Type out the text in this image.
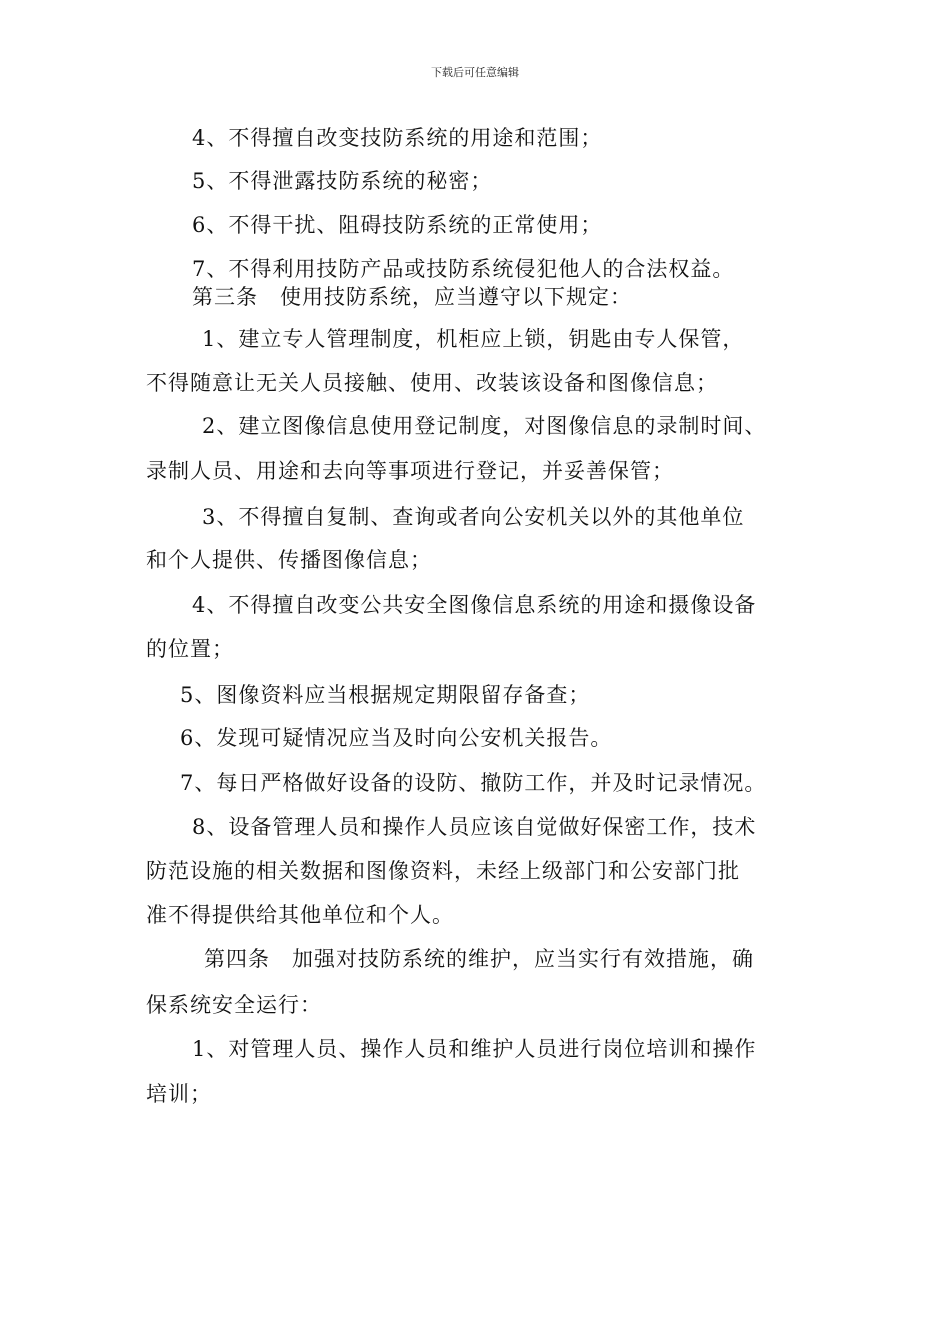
下载后可任意编辑
4、不得擅自改变技防系统的用途和范围；
5、不得泄露技防系统的秘密；
6、不得干扰、阻碍技防系统的正常使用；
7、不得利用技防产品或技防系统侵犯他人的合法权益。
第三条　使用技防系统，应当遵守以下规定：
1、建立专人管理制度，机柜应上锁，钥匙由专人保管，
不得随意让无关人员接触、使用、改装该设备和图像信息；
2、建立图像信息使用登记制度，对图像信息的录制时间、
录制人员、用途和去向等事项进行登记，并妥善保管；
3、不得擅自复制、查询或者向公安机关以外的其他单位
和个人提供、传播图像信息；
4、不得擅自改变公共安全图像信息系统的用途和摄像设备
的位置；
5、图像资料应当根据规定期限留存备查；
6、发现可疑情况应当及时向公安机关报告。
7、每日严格做好设备的设防、撤防工作，并及时记录情况。
8、设备管理人员和操作人员应该自觉做好保密工作，技术
防范设施的相关数据和图像资料，未经上级部门和公安部门批
准不得提供给其他单位和个人。
第四条　加强对技防系统的维护，应当实行有效措施，确
保系统安全运行：
1、对管理人员、操作人员和维护人员进行岗位培训和操作
培训；
